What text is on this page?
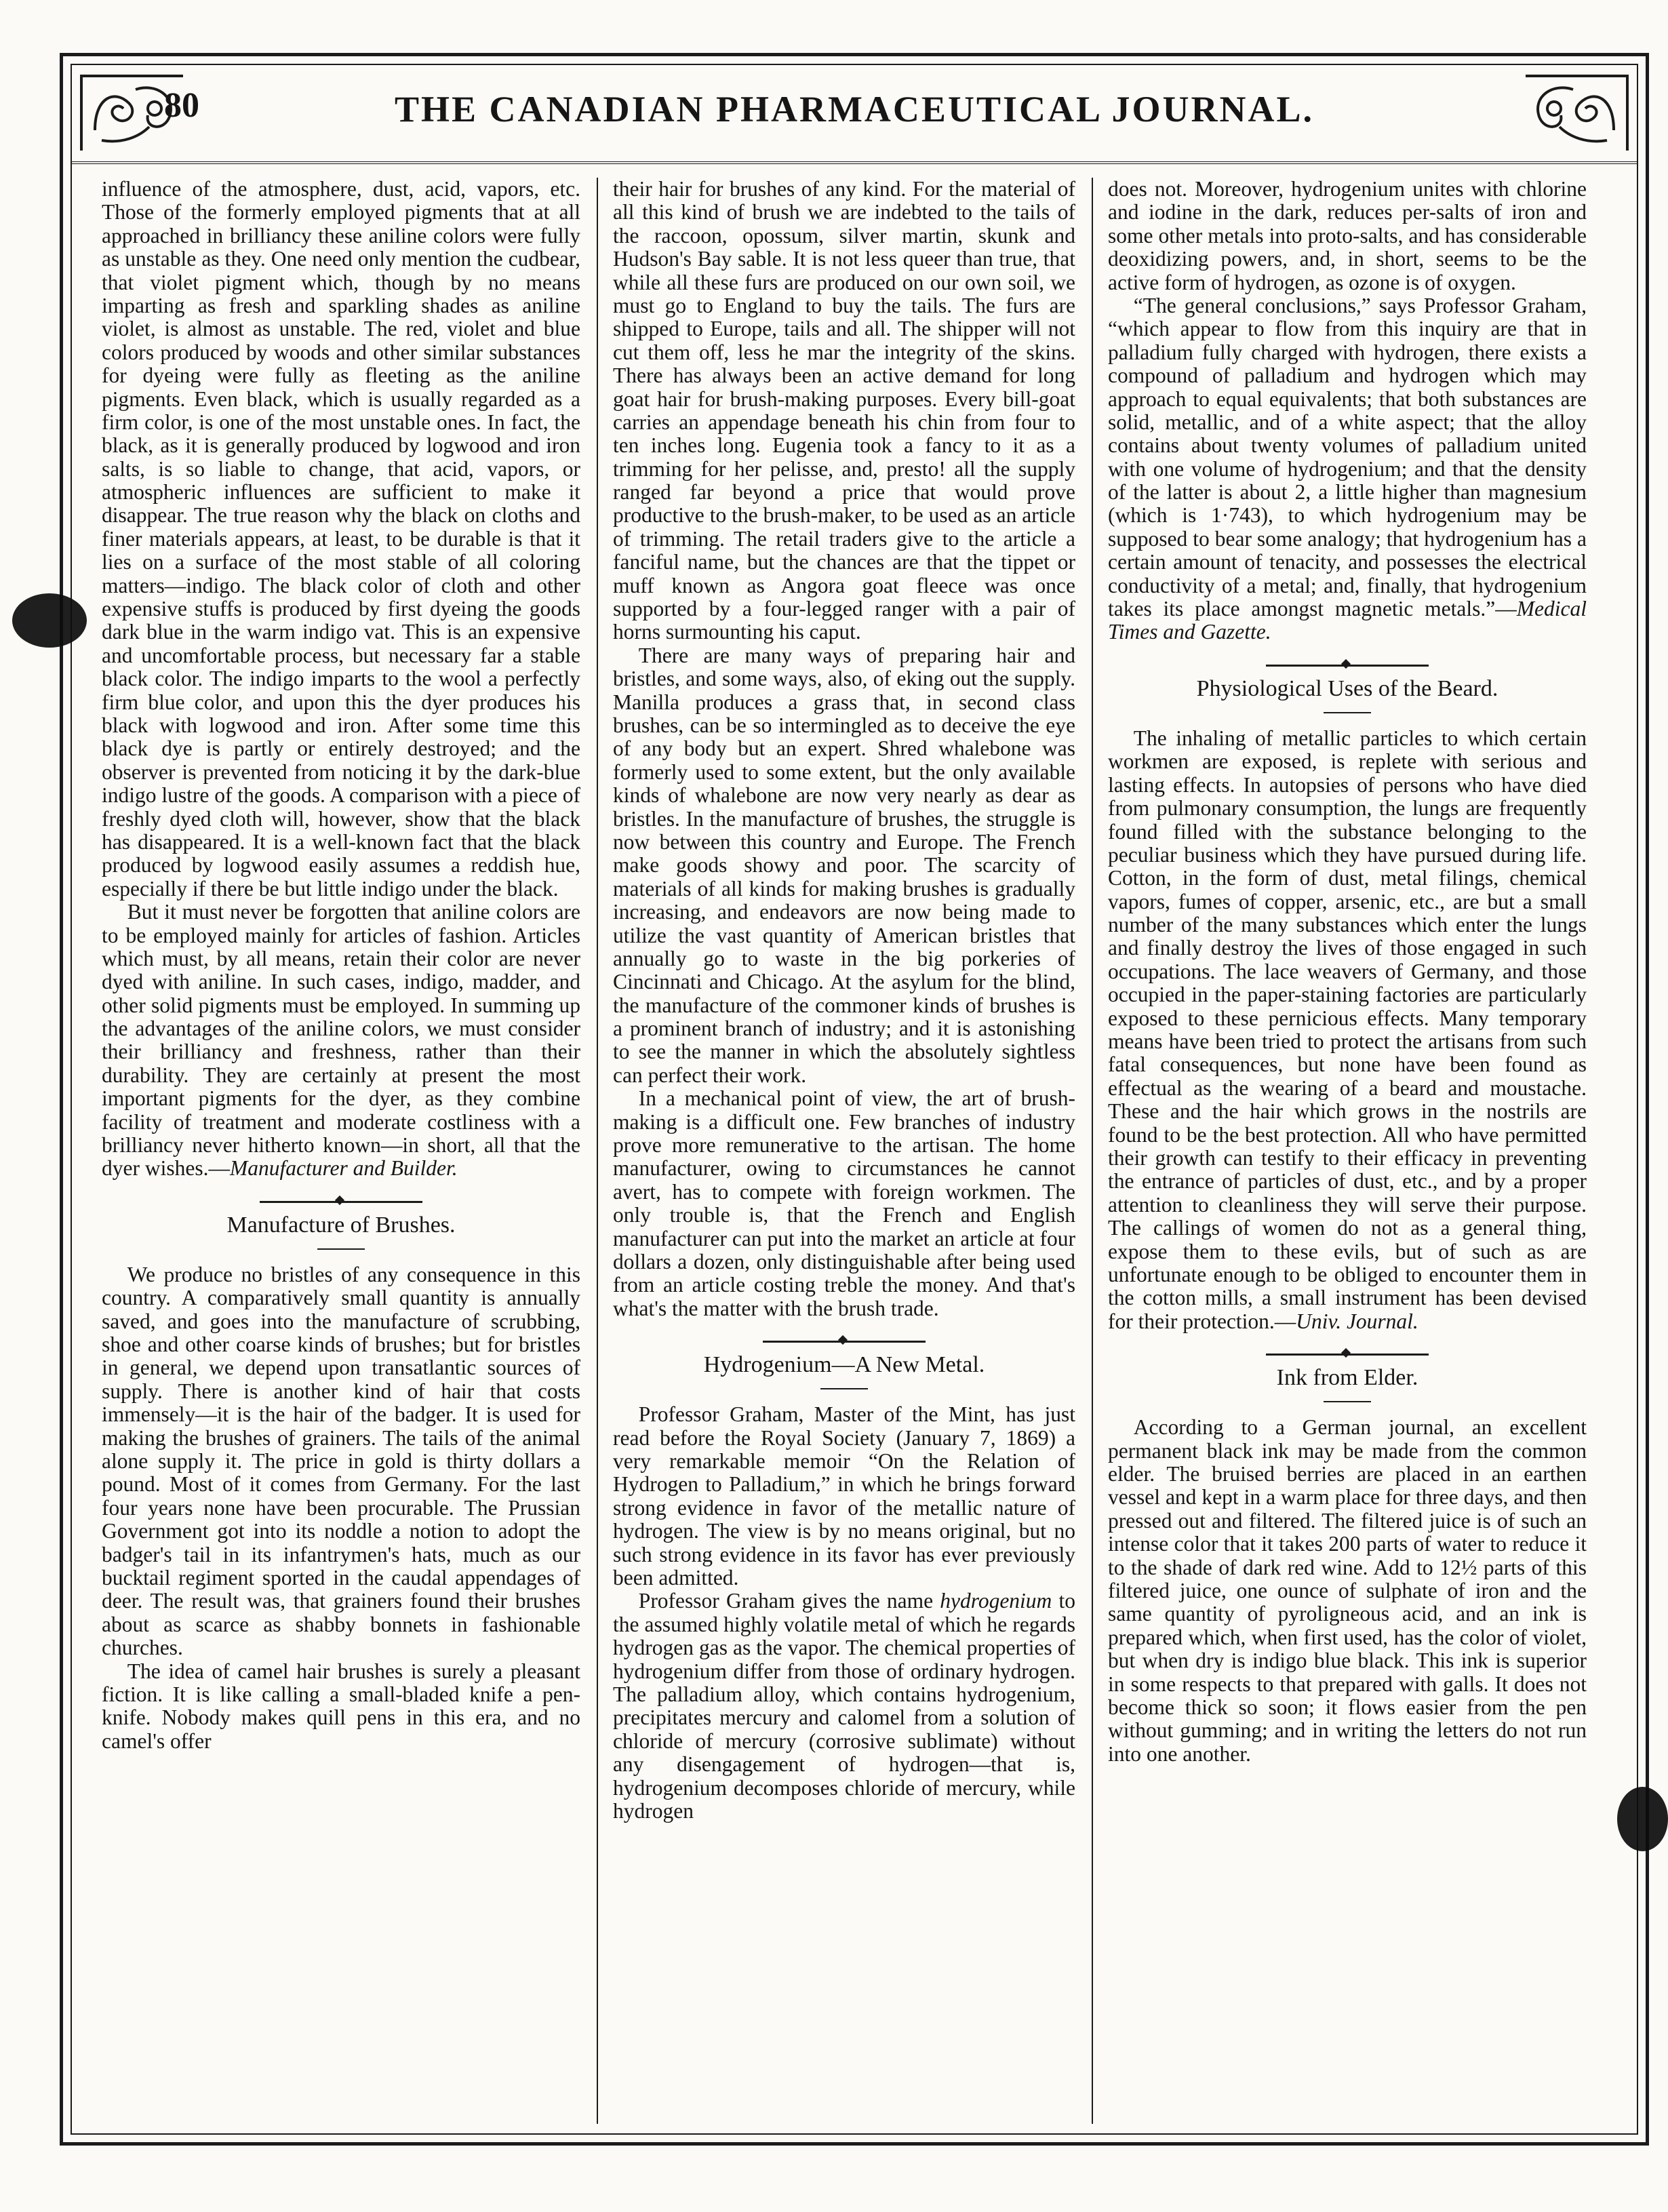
80	THE CANADIAN PHARMACEUTICAL JOURNAL.

influence of the atmosphere, dust, acid, vapors, etc. Those of the formerly employed pigments that at all approached in brilliancy these aniline colors were fully as unstable as they. One need only mention the cudbear, that violet pigment which, though by no means imparting as fresh and sparkling shades as aniline violet, is almost as unstable. The red, violet and blue colors produced by woods and other similar substances for dyeing were fully as fleeting as the aniline pigments. Even black, which is usually regarded as a firm color, is one of the most unstable ones. In fact, the black, as it is generally produced by logwood and iron salts, is so liable to change, that acid, vapors, or atmospheric influences are sufficient to make it disappear. The true reason why the black on cloths and finer materials appears, at least, to be durable is that it lies on a surface of the most stable of all coloring matters—indigo. The black color of cloth and other expensive stuffs is produced by first dyeing the goods dark blue in the warm indigo vat. This is an expensive and uncomfortable process, but necessary far a stable black color. The indigo imparts to the wool a perfectly firm blue color, and upon this the dyer produces his black with logwood and iron. After some time this black dye is partly or entirely destroyed; and the observer is prevented from noticing it by the dark-blue indigo lustre of the goods. A comparison with a piece of freshly dyed cloth will, however, show that the black has disappeared. It is a well-known fact that the black produced by logwood easily assumes a reddish hue, especially if there be but little indigo under the black.

But it must never be forgotten that aniline colors are to be employed mainly for articles of fashion. Articles which must, by all means, retain their color are never dyed with aniline. In such cases, indigo, madder, and other solid pigments must be employed. In summing up the advantages of the aniline colors, we must consider their brilliancy and freshness, rather than their durability. They are certainly at present the most important pigments for the dyer, as they combine facility of treatment and moderate costliness with a brilliancy never hitherto known—in short, all that the dyer wishes.—Manufacturer and Builder.

Manufacture of Brushes.

We produce no bristles of any consequence in this country. A comparatively small quantity is annually saved, and goes into the manufacture of scrubbing, shoe and other coarse kinds of brushes; but for bristles in general, we depend upon transatlantic sources of supply. There is another kind of hair that costs immensely—it is the hair of the badger. It is used for making the brushes of grainers. The tails of the animal alone supply it. The price in gold is thirty dollars a pound. Most of it comes from Germany. For the last four years none have been procurable. The Prussian Government got into its noddle a notion to adopt the badger's tail in its infantrymen's hats, much as our bucktail regiment sported in the caudal appendages of deer. The result was, that grainers found their brushes about as scarce as shabby bonnets in fashionable churches.

The idea of camel hair brushes is surely a pleasant fiction. It is like calling a small-bladed knife a pen-knife. Nobody makes quill pens in this era, and no camel's offer

their hair for brushes of any kind. For the material of all this kind of brush we are indebted to the tails of the raccoon, opossum, silver martin, skunk and Hudson's Bay sable. It is not less queer than true, that while all these furs are produced on our own soil, we must go to England to buy the tails. The furs are shipped to Europe, tails and all. The shipper will not cut them off, less he mar the integrity of the skins. There has always been an active demand for long goat hair for brush-making purposes. Every bill-goat carries an appendage beneath his chin from four to ten inches long. Eugenia took a fancy to it as a trimming for her pelisse, and, presto! all the supply ranged far beyond a price that would prove productive to the brush-maker, to be used as an article of trimming. The retail traders give to the article a fanciful name, but the chances are that the tippet or muff known as Angora goat fleece was once supported by a four-legged ranger with a pair of horns surmounting his caput.

There are many ways of preparing hair and bristles, and some ways, also, of eking out the supply. Manilla produces a grass that, in second class brushes, can be so intermingled as to deceive the eye of any body but an expert. Shred whalebone was formerly used to some extent, but the only available kinds of whalebone are now very nearly as dear as bristles. In the manufacture of brushes, the struggle is now between this country and Europe. The French make goods showy and poor. The scarcity of materials of all kinds for making brushes is gradually increasing, and endeavors are now being made to utilize the vast quantity of American bristles that annually go to waste in the big porkeries of Cincinnati and Chicago. At the asylum for the blind, the manufacture of the commoner kinds of brushes is a prominent branch of industry; and it is astonishing to see the manner in which the absolutely sightless can perfect their work.

In a mechanical point of view, the art of brush-making is a difficult one. Few branches of industry prove more remunerative to the artisan. The home manufacturer, owing to circumstances he cannot avert, has to compete with foreign workmen. The only trouble is, that the French and English manufacturer can put into the market an article at four dollars a dozen, only distinguishable after being used from an article costing treble the money. And that's what's the matter with the brush trade.

Hydrogenium—A New Metal.

Professor Graham, Master of the Mint, has just read before the Royal Society (January 7, 1869) a very remarkable memoir “On the Relation of Hydrogen to Palladium,” in which he brings forward strong evidence in favor of the metallic nature of hydrogen. The view is by no means original, but no such strong evidence in its favor has ever previously been admitted.

Professor Graham gives the name hydrogenium to the assumed highly volatile metal of which he regards hydrogen gas as the vapor. The chemical properties of hydrogenium differ from those of ordinary hydrogen. The palladium alloy, which contains hydrogenium, precipitates mercury and calomel from a solution of chloride of mercury (corrosive sublimate) without any disengagement of hydrogen—that is, hydrogenium decomposes chloride of mercury, while hydrogen

does not. Moreover, hydrogenium unites with chlorine and iodine in the dark, reduces per-salts of iron and some other metals into proto-salts, and has considerable deoxidizing powers, and, in short, seems to be the active form of hydrogen, as ozone is of oxygen.

“The general conclusions,” says Professor Graham, “which appear to flow from this inquiry are that in palladium fully charged with hydrogen, there exists a compound of palladium and hydrogen which may approach to equal equivalents; that both substances are solid, metallic, and of a white aspect; that the alloy contains about twenty volumes of palladium united with one volume of hydrogenium; and that the density of the latter is about 2, a little higher than magnesium (which is 1·743), to which hydrogenium may be supposed to bear some analogy; that hydrogenium has a certain amount of tenacity, and possesses the electrical conductivity of a metal; and, finally, that hydrogenium takes its place amongst magnetic metals.”—Medical Times and Gazette.

Physiological Uses of the Beard.

The inhaling of metallic particles to which certain workmen are exposed, is replete with serious and lasting effects. In autopsies of persons who have died from pulmonary consumption, the lungs are frequently found filled with the substance belonging to the peculiar business which they have pursued during life. Cotton, in the form of dust, metal filings, chemical vapors, fumes of copper, arsenic, etc., are but a small number of the many substances which enter the lungs and finally destroy the lives of those engaged in such occupations. The lace weavers of Germany, and those occupied in the paper-staining factories are particularly exposed to these pernicious effects. Many temporary means have been tried to protect the artisans from such fatal consequences, but none have been found as effectual as the wearing of a beard and moustache. These and the hair which grows in the nostrils are found to be the best protection. All who have permitted their growth can testify to their efficacy in preventing the entrance of particles of dust, etc., and by a proper attention to cleanliness they will serve their purpose. The callings of women do not as a general thing, expose them to these evils, but of such as are unfortunate enough to be obliged to encounter them in the cotton mills, a small instrument has been devised for their protection.—Univ. Journal.

Ink from Elder.

According to a German journal, an excellent permanent black ink may be made from the common elder. The bruised berries are placed in an earthen vessel and kept in a warm place for three days, and then pressed out and filtered. The filtered juice is of such an intense color that it takes 200 parts of water to reduce it to the shade of dark red wine. Add to 12½ parts of this filtered juice, one ounce of sulphate of iron and the same quantity of pyroligneous acid, and an ink is prepared which, when first used, has the color of violet, but when dry is indigo blue black. This ink is superior in some respects to that prepared with galls. It does not become thick so soon; it flows easier from the pen without gumming; and in writing the letters do not run into one another.
